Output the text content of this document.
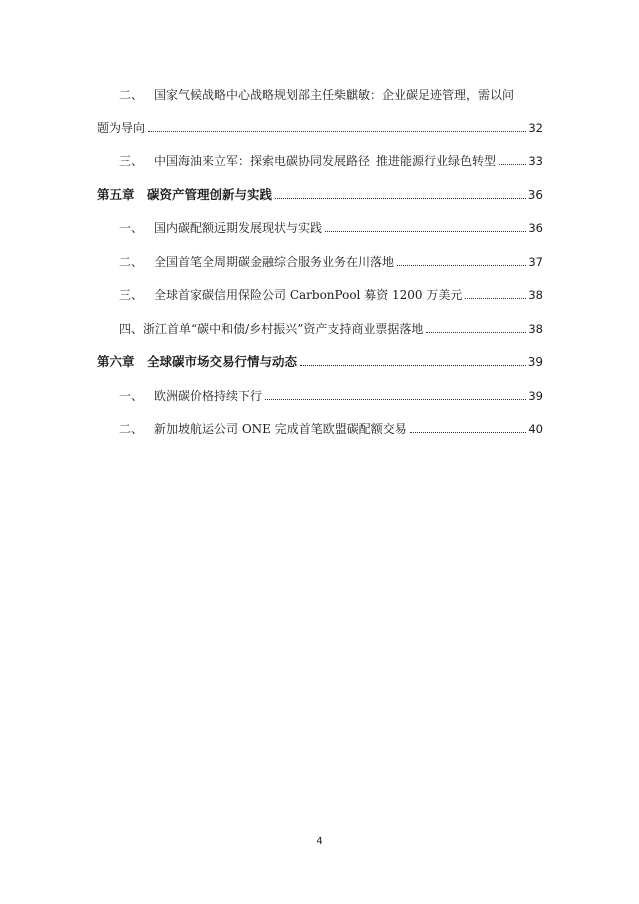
二、 国家气候战略中心战略规划部主任柴麒敏：企业碳足迹管理，需以问
题为导向	32
三、 中国海油来立军：探索电碳协同发展路径 推进能源行业绿色转型	33
第五章 碳资产管理创新与实践	36
一、 国内碳配额远期发展现状与实践	36
二、 全国首笔全周期碳金融综合服务业务在川落地	37
三、 全球首家碳信用保险公司 CarbonPool 募资 1200 万美元	38
四、 浙江首单“碳中和债/乡村振兴”资产支持商业票据落地	38
第六章 全球碳市场交易行情与动态	39
一、 欧洲碳价格持续下行	39
二、 新加坡航运公司 ONE 完成首笔欧盟碳配额交易	40
4
